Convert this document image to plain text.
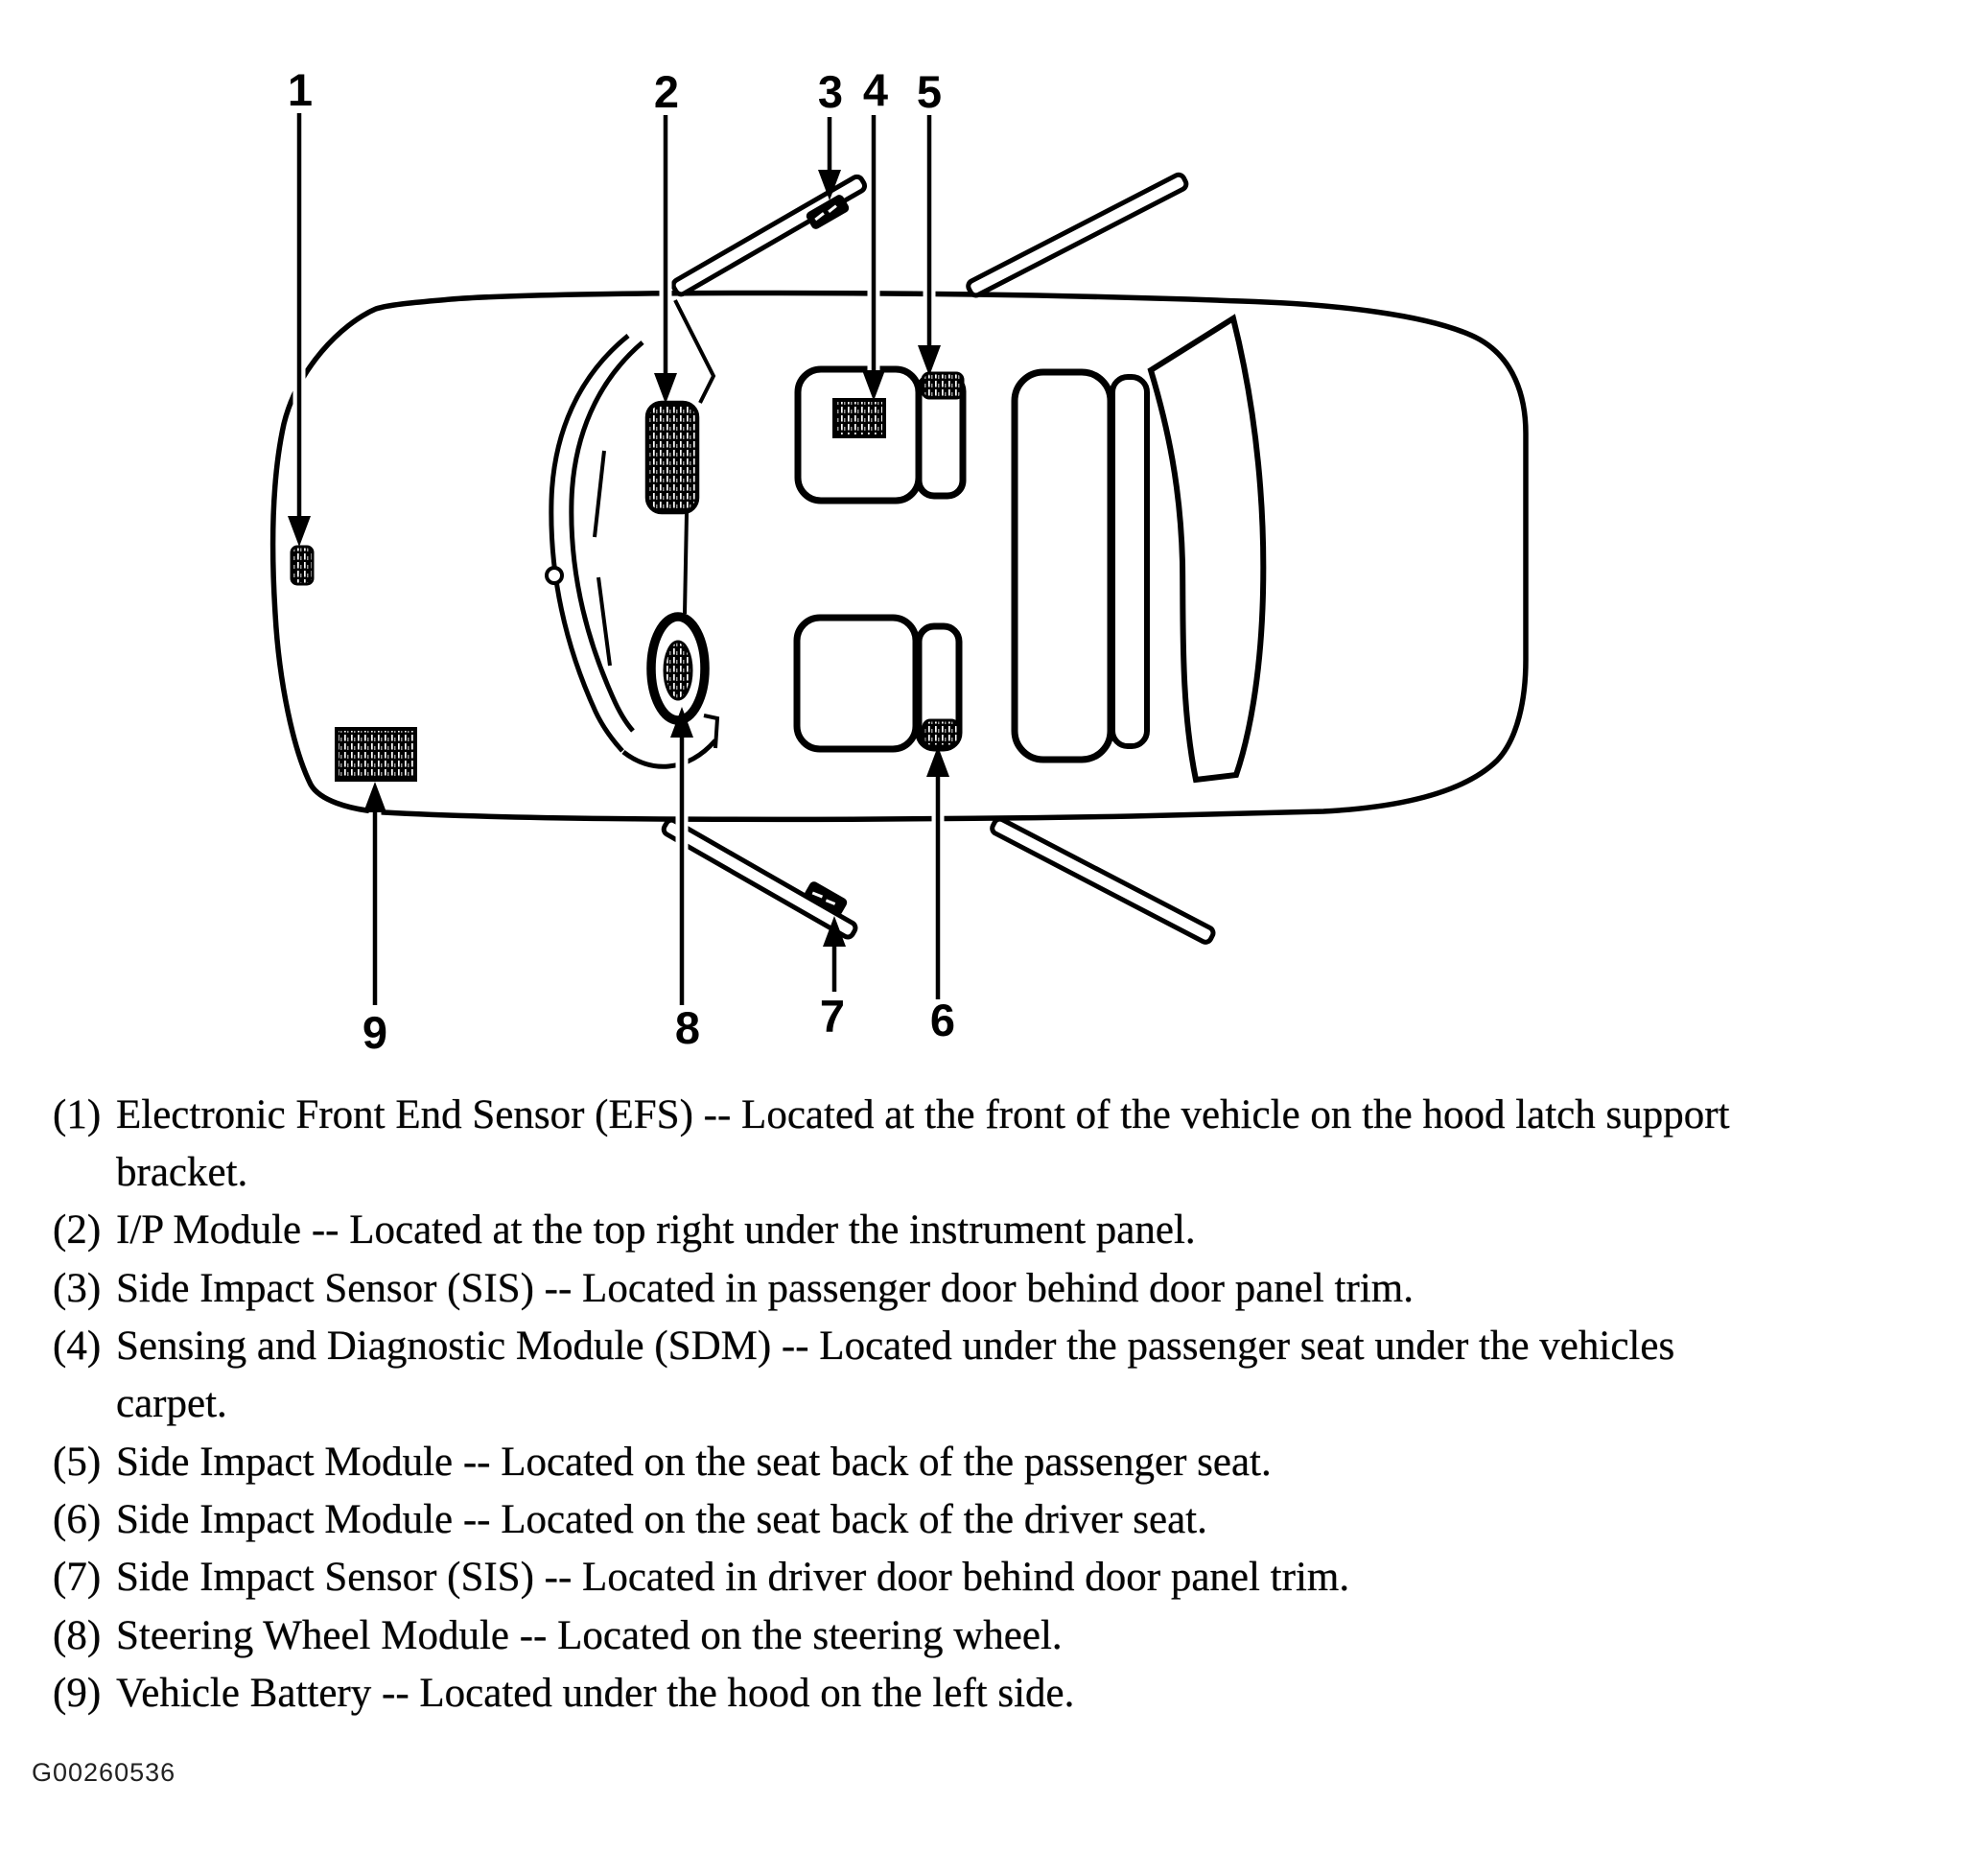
1	2	3 4 5
6
7
8
9
(1) Electronic Front End Sensor (EFS) -- Located at the front of the vehicle on the hood latch support
bracket.
(2) I/P Module -- Located at the top right under the instrument panel.
(3) Side Impact Sensor (SIS) -- Located in passenger door behind door panel trim.
(4) Sensing and Diagnostic Module (SDM) -- Located under the passenger seat under the vehicles
carpet.
(5) Side Impact Module -- Located on the seat back of the passenger seat.
(6) Side Impact Module -- Located on the seat back of the driver seat.
(7) Side Impact Sensor (SIS) -- Located in driver door behind door panel trim.
(8) Steering Wheel Module -- Located on the steering wheel.
(9) Vehicle Battery -- Located under the hood on the left side.
G00260536
